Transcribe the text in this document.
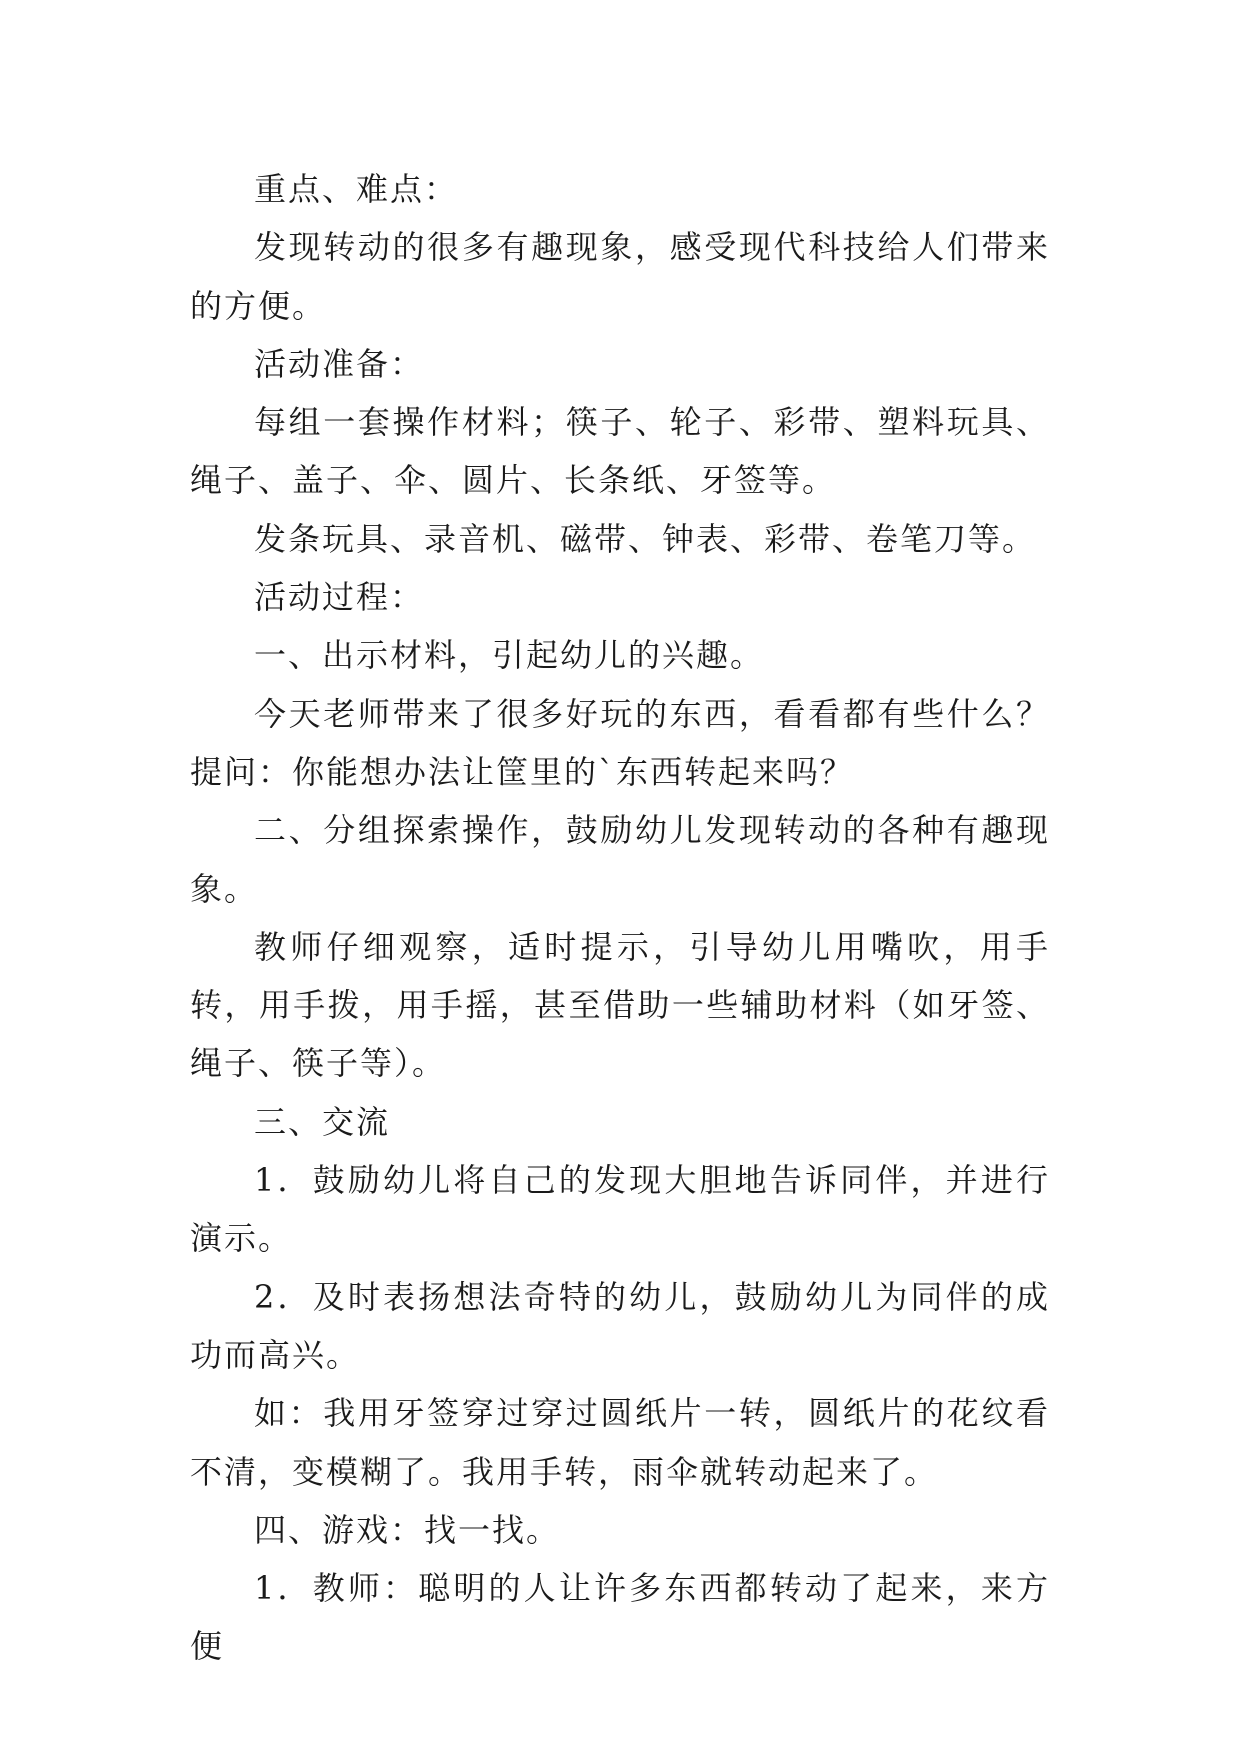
重点、难点：

发现转动的很多有趣现象，感受现代科技给人们带来的方便。

活动准备：

每组一套操作材料；筷子、轮子、彩带、塑料玩具、绳子、盖子、伞、圆片、长条纸、牙签等。

发条玩具、录音机、磁带、钟表、彩带、卷笔刀等。

活动过程：

一、出示材料，引起幼儿的兴趣。

今天老师带来了很多好玩的东西，看看都有些什么？提问：你能想办法让筐里的`东西转起来吗？

二、分组探索操作，鼓励幼儿发现转动的各种有趣现象。

教师仔细观察，适时提示，引导幼儿用嘴吹，用手转，用手拨，用手摇，甚至借助一些辅助材料（如牙签、绳子、筷子等）。

三、交流

1．鼓励幼儿将自己的发现大胆地告诉同伴，并进行演示。

2．及时表扬想法奇特的幼儿，鼓励幼儿为同伴的成功而高兴。

如：我用牙签穿过穿过圆纸片一转，圆纸片的花纹看不清，变模糊了。我用手转，雨伞就转动起来了。

四、游戏：找一找。

1．教师：聪明的人让许多东西都转动了起来，来方便
